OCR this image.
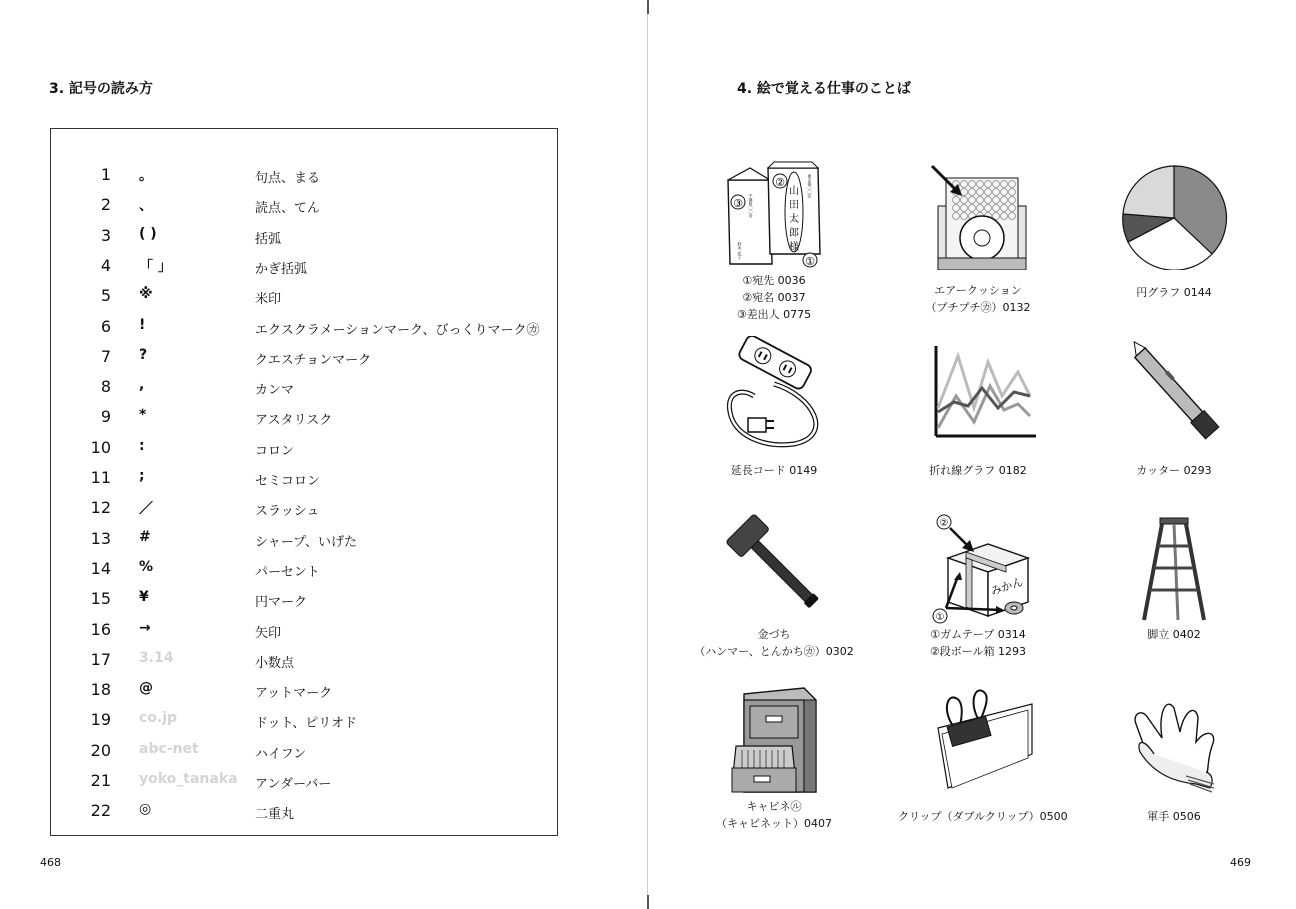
3. 記号の読み方
1 。	句点、まる
2 、	読点、てん
3 ( )	括弧
4 「 」	かぎ括弧
5 ※	米印
6 !	エクスクラメーションマーク、びっくりマーク㋕
7 ?	クエスチョンマーク
8 ,	カンマ
9 *	アスタリスク
10 :	コロン
11 ;	セミコロン
12 ／	スラッシュ
13 #	シャープ、いげた
14 %	パーセント
15 ¥	円マーク
16 →	矢印
17 3.14	小数点
18 @	アットマーク
19 co.jp	ドット、ピリオド
20 abc-net	ハイフン
21 yoko_tanaka アンダーバー
22 ◎	二重丸
468
4. 絵で覚える仕事のことば
③ 千葉県〇〇市
鈴木 花子
②	東京都〇〇区
山
田
太
郎
様
①
①宛先 0036
②宛名 0037
③差出人 0775
エアークッション
（プチプチ㋕）0132
円グラフ 0144
延長コード 0149	折れ線グラフ 0182	カッター 0293
金づち
（ハンマー、とんかち㋕）0302
みかん
②
①
①ガムテープ 0314
②段ボール箱 1293
脚立 0402
キャビネ㋸
（キャビネット）0407
クリップ（ダブルクリップ）0500	軍手 0506
469
